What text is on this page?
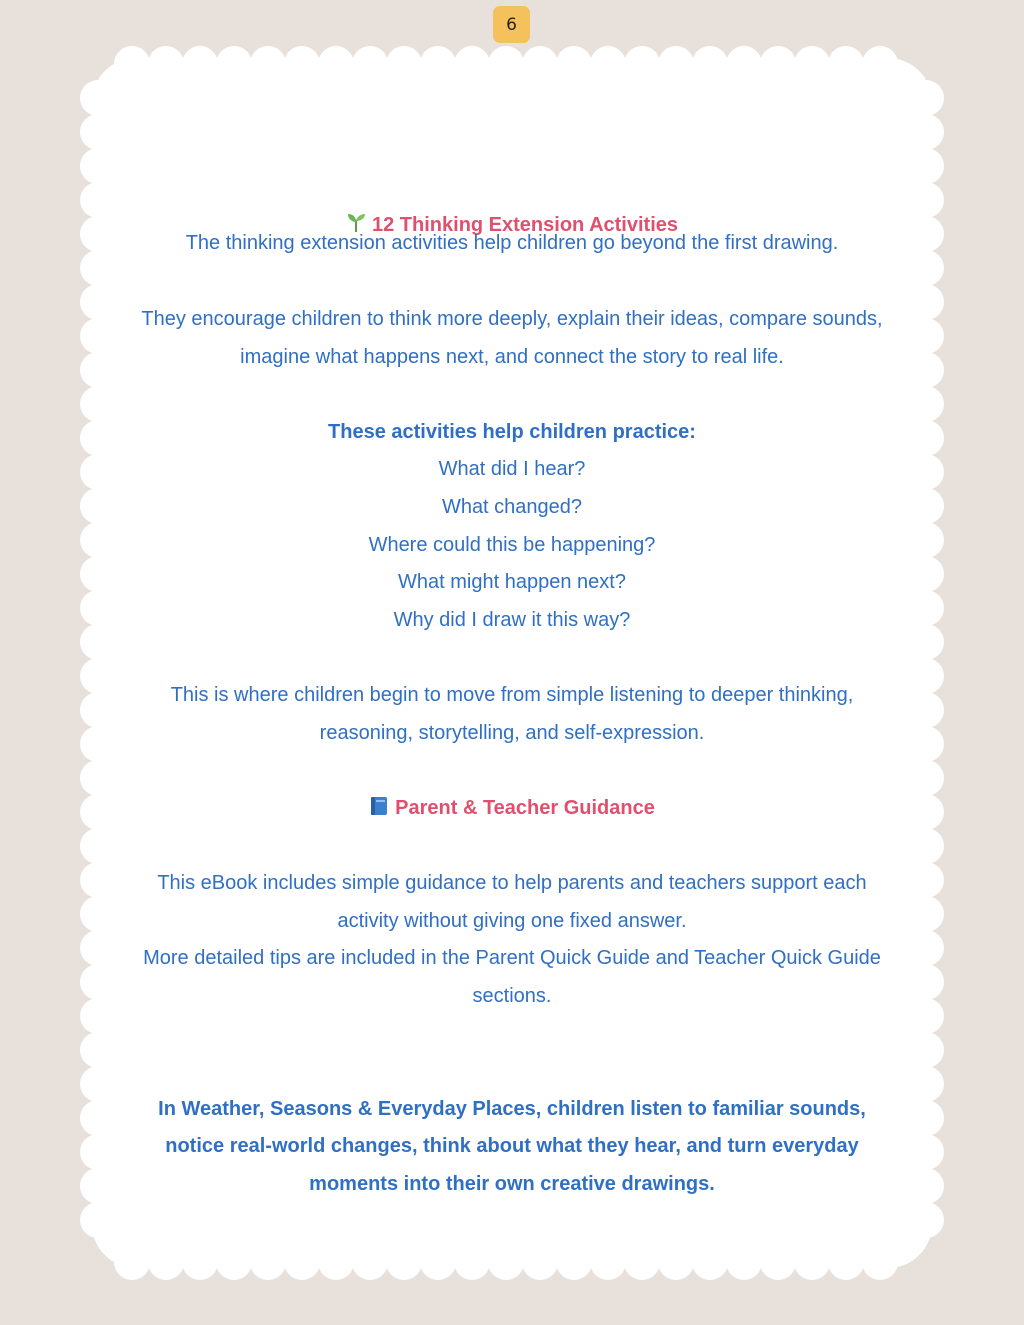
6
12 Thinking Extension Activities
The thinking extension activities help children go beyond the first drawing.
They encourage children to think more deeply, explain their ideas, compare sounds,
imagine what happens next, and connect the story to real life.
These activities help children practice:
What did I hear?
What changed?
Where could this be happening?
What might happen next?
Why did I draw it this way?
This is where children begin to move from simple listening to deeper thinking,
reasoning, storytelling, and self-expression.
Parent & Teacher Guidance
This eBook includes simple guidance to help parents and teachers support each
activity without giving one fixed answer.
More detailed tips are included in the Parent Quick Guide and Teacher Quick Guide
sections.
In Weather, Seasons & Everyday Places, children listen to familiar sounds,
notice real-world changes, think about what they hear, and turn everyday
moments into their own creative drawings.
